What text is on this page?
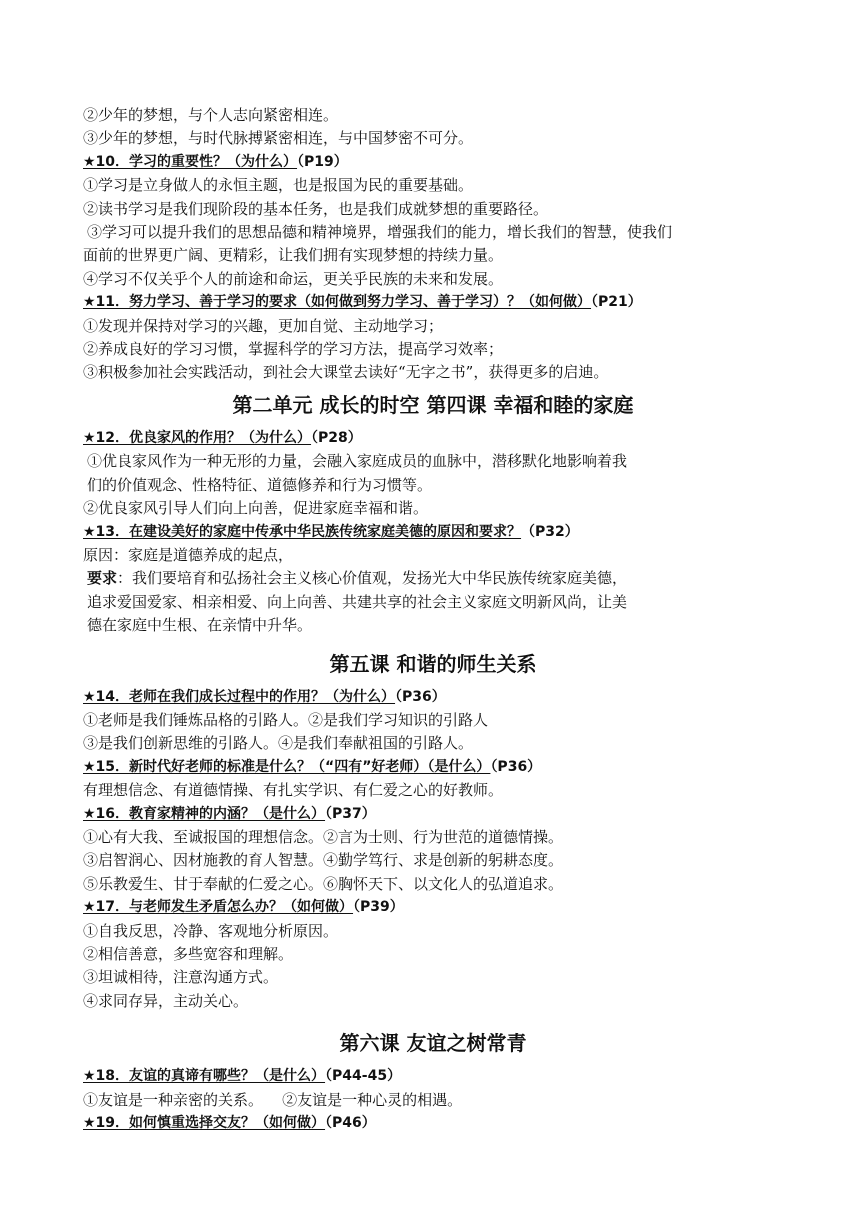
②少年的梦想，与个人志向紧密相连。
③少年的梦想，与时代脉搏紧密相连，与中国梦密不可分。
★10．学习的重要性？（为什么）（P19）
①学习是立身做人的永恒主题，也是报国为民的重要基础。
②读书学习是我们现阶段的基本任务，也是我们成就梦想的重要路径。
③学习可以提升我们的思想品德和精神境界，增强我们的能力，增长我们的智慧，使我们
面前的世界更广阔、更精彩，让我们拥有实现梦想的持续力量。
④学习不仅关乎个人的前途和命运，更关乎民族的未来和发展。
★11．努力学习、善于学习的要求（如何做到努力学习、善于学习）？（如何做）（P21）
①发现并保持对学习的兴趣，更加自觉、主动地学习；
②养成良好的学习习惯，掌握科学的学习方法，提高学习效率；
③积极参加社会实践活动，到社会大课堂去读好“无字之书”，获得更多的启迪。
第二单元 成长的时空 第四课 幸福和睦的家庭
★12．优良家风的作用？（为什么）（P28）
①优良家风作为一种无形的力量，会融入家庭成员的血脉中，潜移默化地影响着我
们的价值观念、性格特征、道德修养和行为习惯等。
②优良家风引导人们向上向善，促进家庭幸福和谐。
★13．在建设美好的家庭中传承中华民族传统家庭美德的原因和要求？（P32）
原因：家庭是道德养成的起点，
要求：我们要培育和弘扬社会主义核心价值观，发扬光大中华民族传统家庭美德，
追求爱国爱家、相亲相爱、向上向善、共建共享的社会主义家庭文明新风尚，让美
德在家庭中生根、在亲情中升华。
第五课 和谐的师生关系
★14．老师在我们成长过程中的作用？（为什么）（P36）
①老师是我们锤炼品格的引路人。②是我们学习知识的引路人
③是我们创新思维的引路人。④是我们奉献祖国的引路人。
★15．新时代好老师的标准是什么？（“四有”好老师）（是什么）（P36）
有理想信念、有道德情操、有扎实学识、有仁爱之心的好教师。
★16．教育家精神的内涵？（是什么）（P37）
①心有大我、至诚报国的理想信念。②言为士则、行为世范的道德情操。
③启智润心、因材施教的育人智慧。④勤学笃行、求是创新的躬耕态度。
⑤乐教爱生、甘于奉献的仁爱之心。⑥胸怀天下、以文化人的弘道追求。
★17．与老师发生矛盾怎么办？（如何做）（P39）
①自我反思，冷静、客观地分析原因。
②相信善意，多些宽容和理解。
③坦诚相待，注意沟通方式。
④求同存异，主动关心。
第六课 友谊之树常青
★18．友谊的真谛有哪些？（是什么）（P44-45）
①友谊是一种亲密的关系。    ②友谊是一种心灵的相遇。
★19．如何慎重选择交友？（如何做）（P46）
